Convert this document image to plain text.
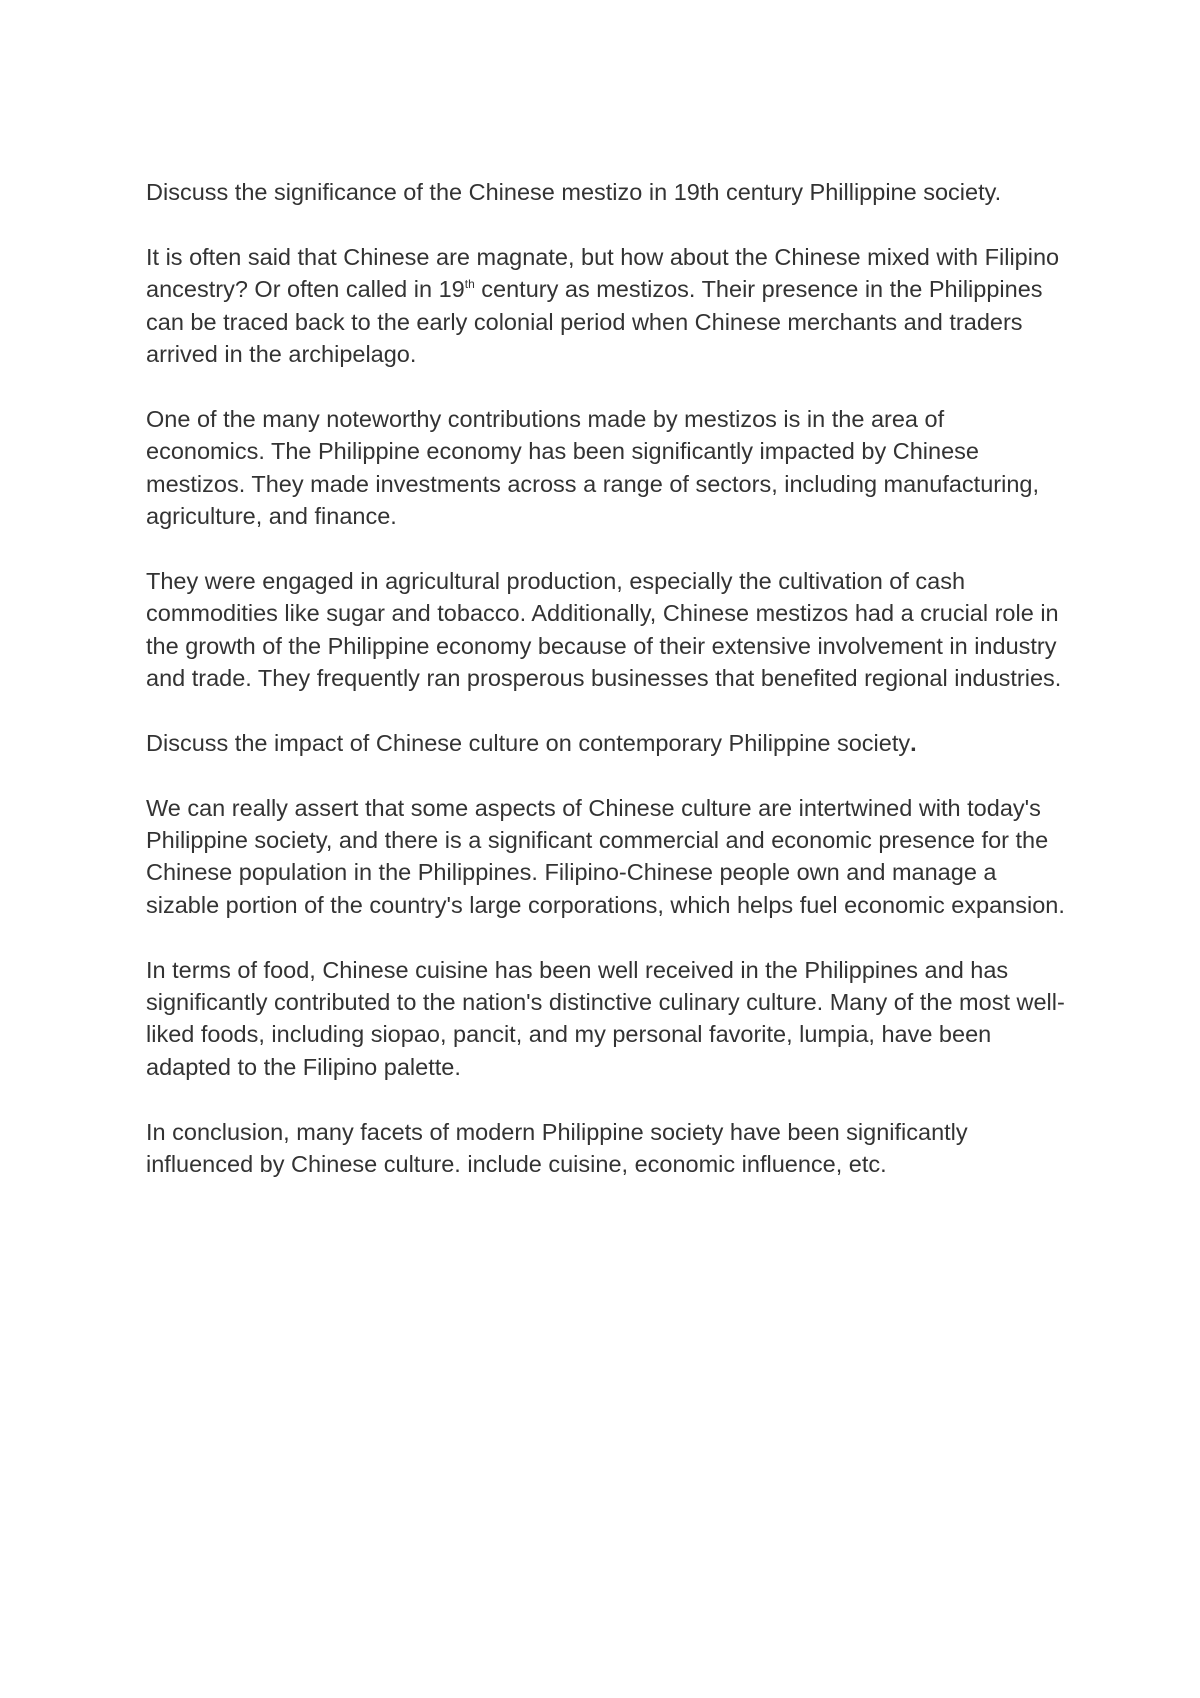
Discuss the significance of the Chinese mestizo in 19th century Phillippine society.

It is often said that Chinese are magnate, but how about the Chinese mixed with Filipino ancestry? Or often called in 19th century as mestizos. Their presence in the Philippines can be traced back to the early colonial period when Chinese merchants and traders arrived in the archipelago.

One of the many noteworthy contributions made by mestizos is in the area of economics. The Philippine economy has been significantly impacted by Chinese mestizos. They made investments across a range of sectors, including manufacturing, agriculture, and finance.

They were engaged in agricultural production, especially the cultivation of cash commodities like sugar and tobacco. Additionally, Chinese mestizos had a crucial role in the growth of the Philippine economy because of their extensive involvement in industry and trade. They frequently ran prosperous businesses that benefited regional industries.

Discuss the impact of Chinese culture on contemporary Philippine society.

We can really assert that some aspects of Chinese culture are intertwined with today's Philippine society, and there is a significant commercial and economic presence for the Chinese population in the Philippines. Filipino-Chinese people own and manage a sizable portion of the country's large corporations, which helps fuel economic expansion.

In terms of food, Chinese cuisine has been well received in the Philippines and has significantly contributed to the nation's distinctive culinary culture. Many of the most well-liked foods, including siopao, pancit, and my personal favorite, lumpia, have been adapted to the Filipino palette.

In conclusion, many facets of modern Philippine society have been significantly influenced by Chinese culture. include cuisine, economic influence, etc.
